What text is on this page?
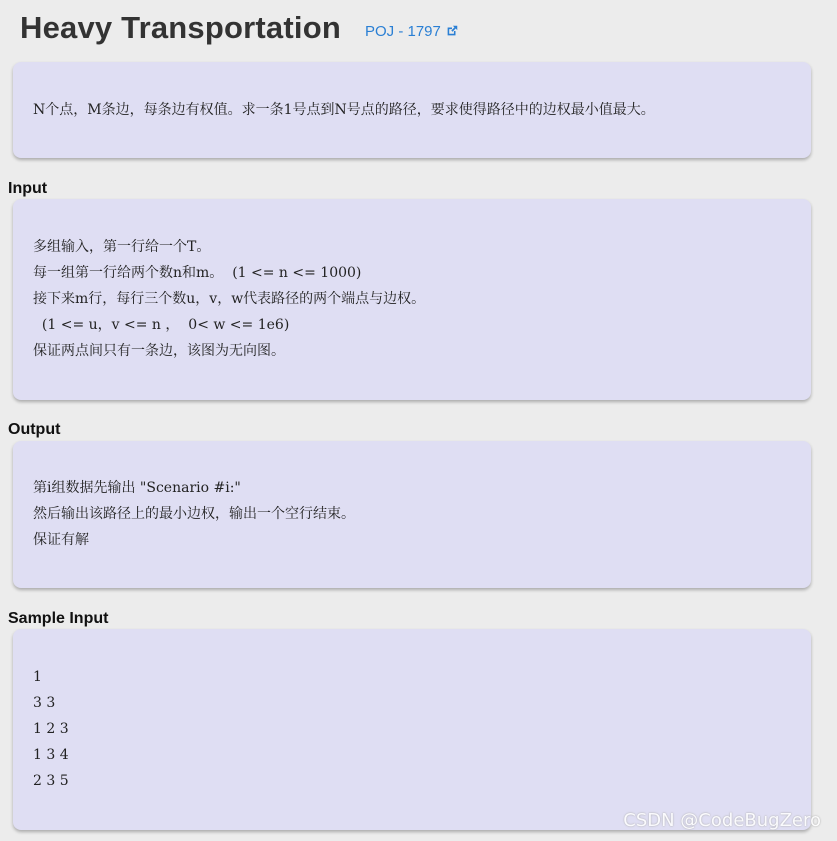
Heavy Transportation POJ - 1797
N个点，M条边，每条边有权值。求一条1号点到N号点的路径，要求使得路径中的边权最小值最大。
Input
多组输入，第一行给一个T。
每一组第一行给两个数n和m。  (1 <= n <= 1000)
接下来m行，每行三个数u，v，w代表路径的两个端点与边权。
(1 <= u，v <= n ，  0< w <= 1e6)
保证两点间只有一条边，该图为无向图。
Output
第i组数据先输出 "Scenario #i:"
然后输出该路径上的最小边权，输出一个空行结束。
保证有解
Sample Input
1
3 3
1 2 3
1 3 4
2 3 5
CSDN @CodeBugZero
